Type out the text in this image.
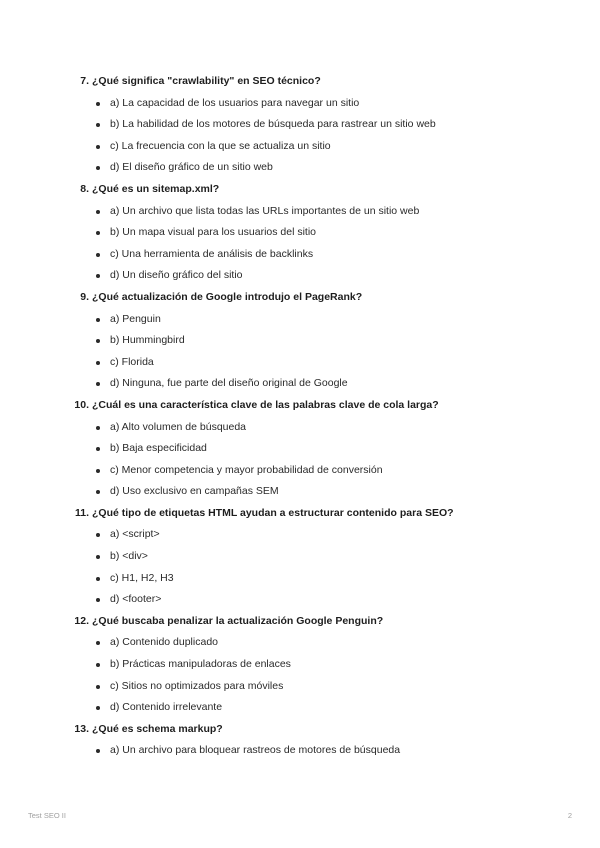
7. ¿Qué significa "crawlability" en SEO técnico?
a) La capacidad de los usuarios para navegar un sitio
b) La habilidad de los motores de búsqueda para rastrear un sitio web
c) La frecuencia con la que se actualiza un sitio
d) El diseño gráfico de un sitio web
8. ¿Qué es un sitemap.xml?
a) Un archivo que lista todas las URLs importantes de un sitio web
b) Un mapa visual para los usuarios del sitio
c) Una herramienta de análisis de backlinks
d) Un diseño gráfico del sitio
9. ¿Qué actualización de Google introdujo el PageRank?
a) Penguin
b) Hummingbird
c) Florida
d) Ninguna, fue parte del diseño original de Google
10. ¿Cuál es una característica clave de las palabras clave de cola larga?
a) Alto volumen de búsqueda
b) Baja especificidad
c) Menor competencia y mayor probabilidad de conversión
d) Uso exclusivo en campañas SEM
11. ¿Qué tipo de etiquetas HTML ayudan a estructurar contenido para SEO?
a) <script>
b) <div>
c) H1, H2, H3
d) <footer>
12. ¿Qué buscaba penalizar la actualización Google Penguin?
a) Contenido duplicado
b) Prácticas manipuladoras de enlaces
c) Sitios no optimizados para móviles
d) Contenido irrelevante
13. ¿Qué es schema markup?
a) Un archivo para bloquear rastreos de motores de búsqueda
Test SEO II	2
